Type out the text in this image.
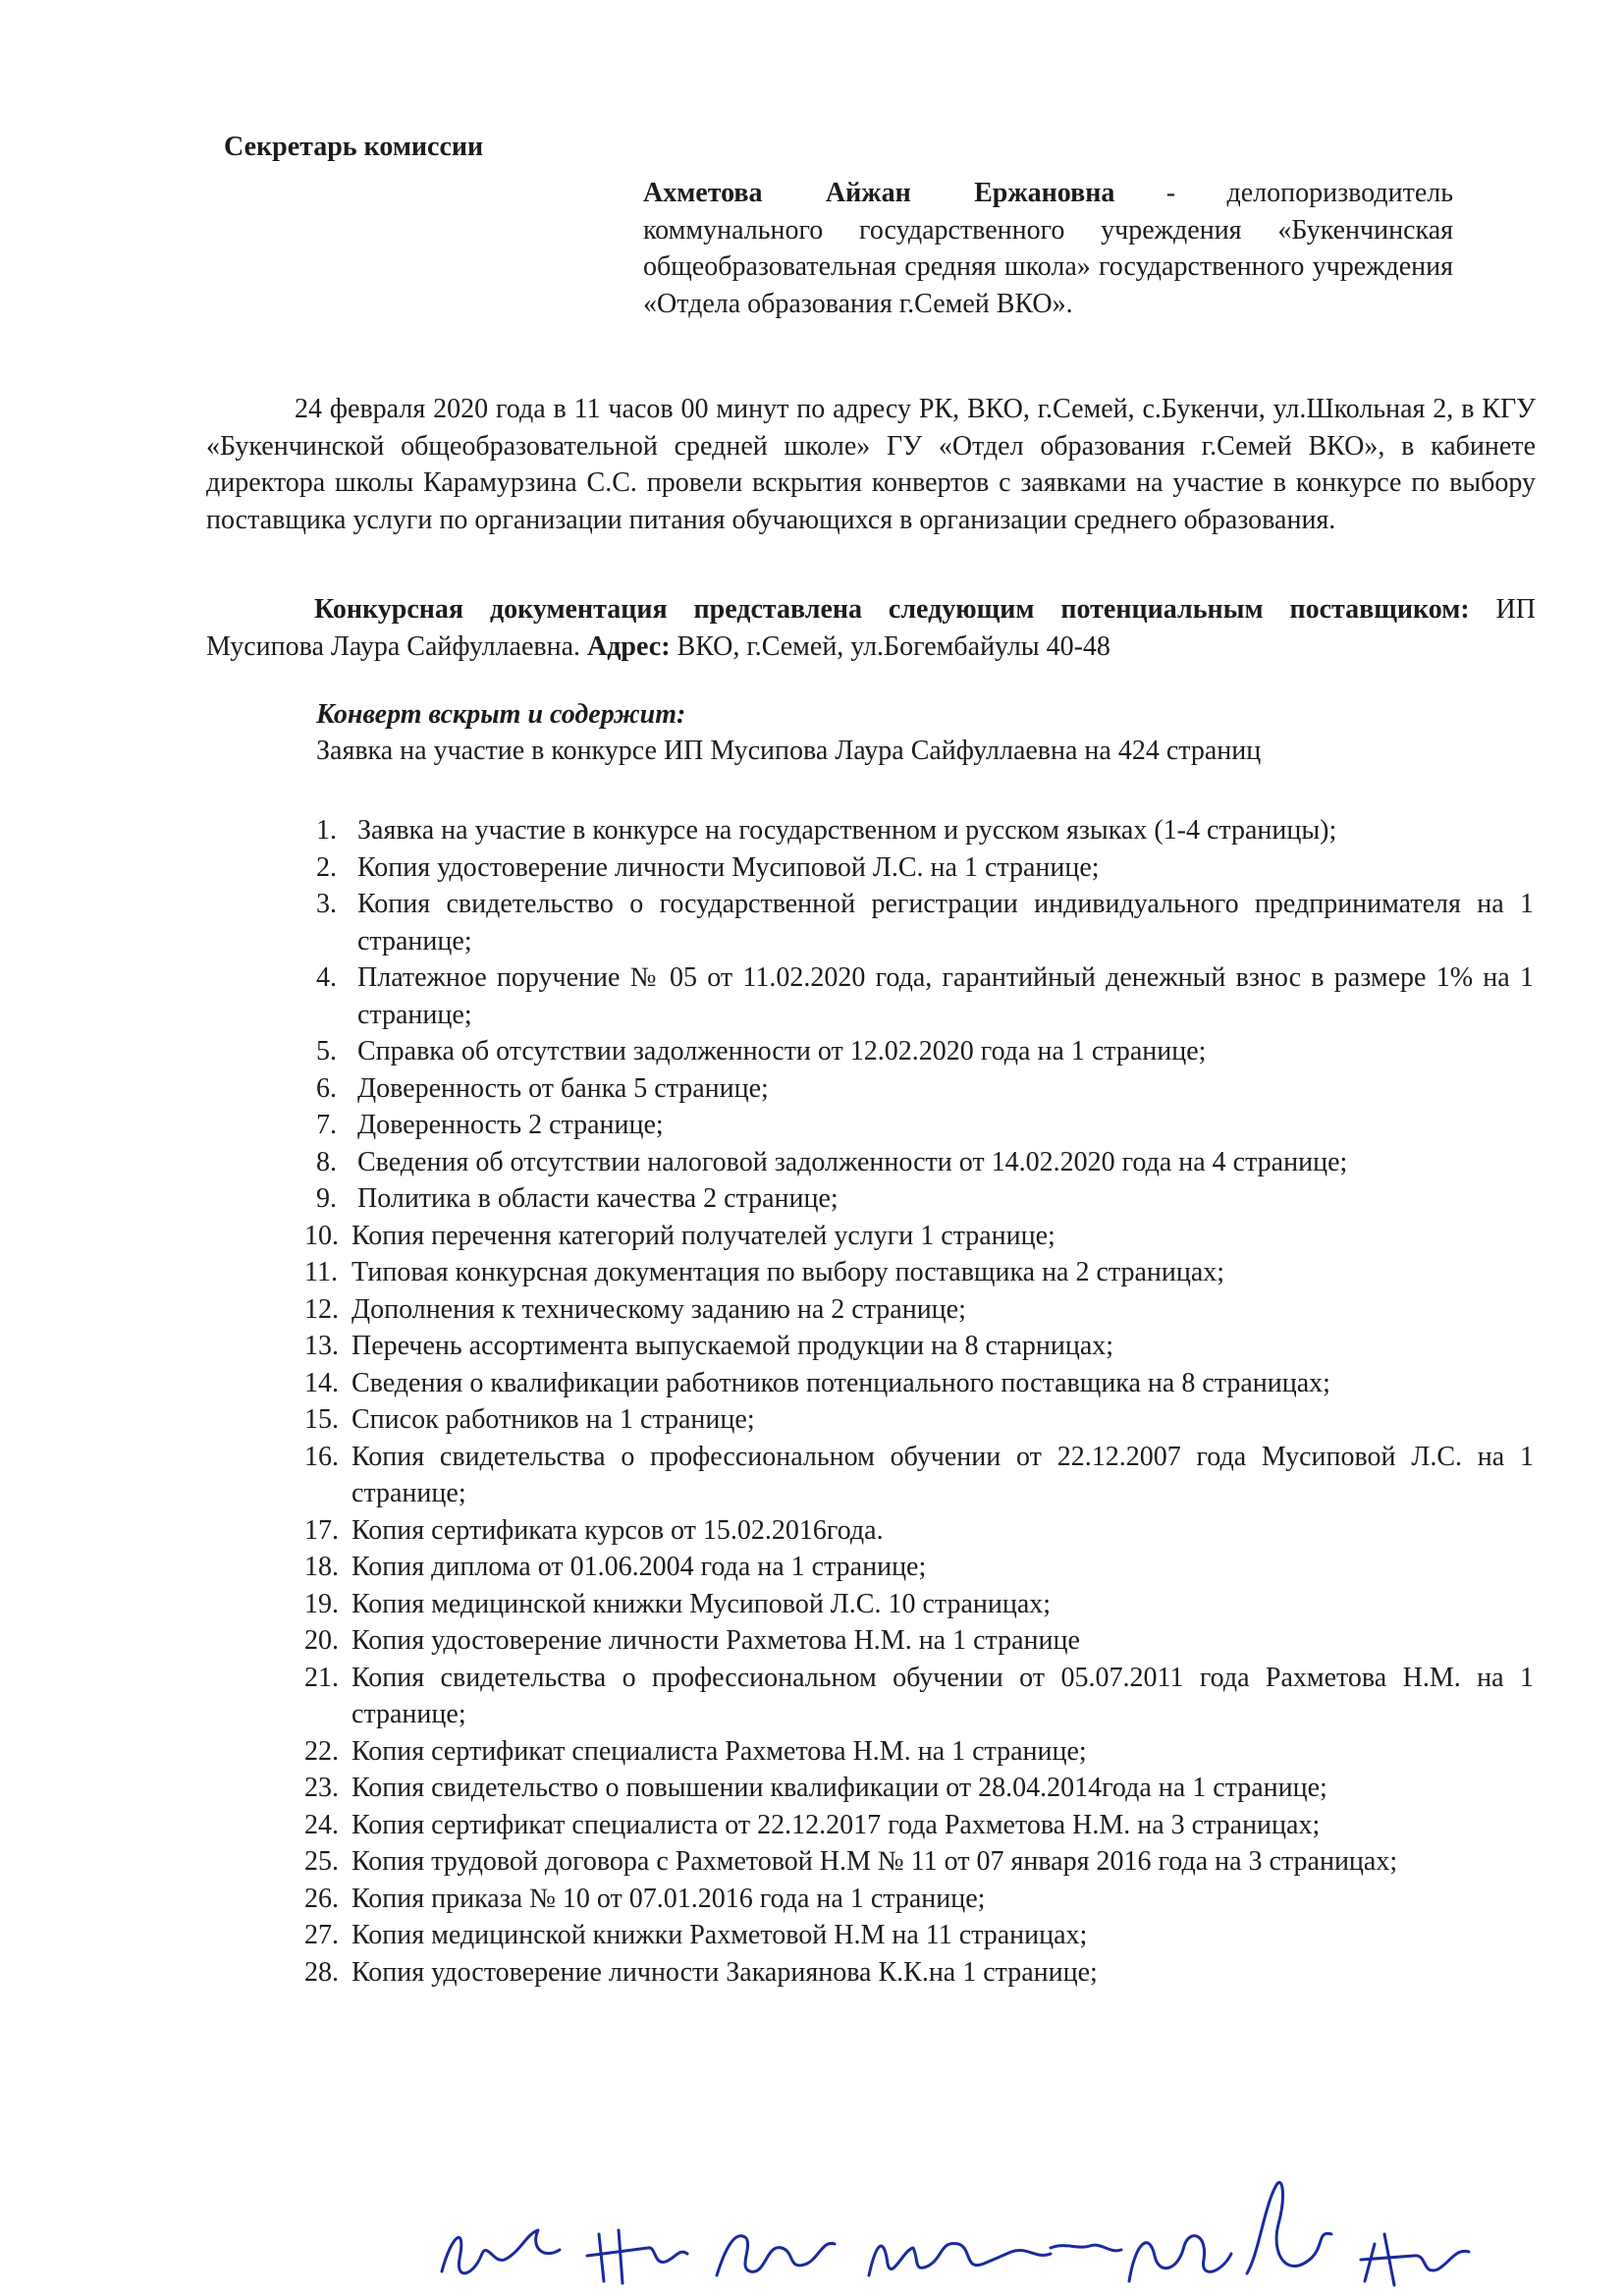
Секретарь комиссии
Ахметова Айжан Ержановна - делопоризводитель коммунального государственного учреждения «Букенчинская общеобразовательная средняя школа» государственного учреждения «Отдела образования г.Семей ВКО».
24 февраля 2020 года в 11 часов 00 минут по адресу РК, ВКО, г.Семей, с.Букенчи, ул.Школьная 2, в КГУ «Букенчинской общеобразовательной средней школе» ГУ «Отдел образования г.Семей ВКО», в кабинете директора школы Карамурзина С.С. провели вскрытия конвертов с заявками на участие в конкурсе по выбору поставщика услуги по организации питания обучающихся в организации среднего образования.
Конкурсная документация представлена следующим потенциальным поставщиком: ИП Мусипова Лаура Сайфуллаевна. Адрес: ВКО, г.Семей, ул.Богембайулы 40-48
Конверт вскрыт и содержит:
Заявка на участие в конкурсе ИП Мусипова Лаура Сайфуллаевна на 424 страниц
1. Заявка на участие в конкурсе на государственном и русском языках (1-4 страницы);
2. Копия удостоверение личности Мусиповой Л.С. на 1 странице;
3. Копия свидетельство о государственной регистрации индивидуального предпринимателя на 1 странице;
4. Платежное поручение № 05 от 11.02.2020 года, гарантийный денежный взнос в размере 1% на 1 странице;
5. Справка об отсутствии задолженности от 12.02.2020 года на 1 странице;
6. Доверенность от банка 5 странице;
7. Доверенность 2 странице;
8. Сведения об отсутствии налоговой задолженности от 14.02.2020 года на 4 странице;
9. Политика в области качества 2 странице;
10. Копия перечення категорий получателей услуги 1 странице;
11. Типовая конкурсная документация по выбору поставщика на 2 страницах;
12. Дополнения к техническому заданию на 2 странице;
13. Перечень ассортимента выпускаемой продукции на 8 старницах;
14. Сведения о квалификации работников потенциального поставщика на 8 страницах;
15. Список работников на 1 странице;
16. Копия свидетельства о профессиональном обучении от 22.12.2007 года Мусиповой Л.С. на 1 странице;
17. Копия сертификата курсов от 15.02.2016года.
18. Копия диплома от 01.06.2004 года на 1 странице;
19. Копия медицинской книжки Мусиповой Л.С. 10 страницах;
20. Копия удостоверение личности Рахметова Н.М. на 1 странице
21. Копия свидетельства о профессиональном обучении от 05.07.2011 года Рахметова Н.М. на 1 странице;
22. Копия сертификат специалиста Рахметова Н.М. на 1 странице;
23. Копия свидетельство о повышении квалификации от 28.04.2014года на 1 странице;
24. Копия сертификат специалиста от 22.12.2017 года Рахметова Н.М. на 3 страницах;
25. Копия трудовой договора с Рахметовой Н.М № 11 от 07 января 2016 года на 3 страницах;
26. Копия приказа № 10 от 07.01.2016 года на 1 странице;
27. Копия медицинской книжки Рахметовой Н.М на 11 страницах;
28. Копия удостоверение личности Закариянова К.К.на 1 странице;
